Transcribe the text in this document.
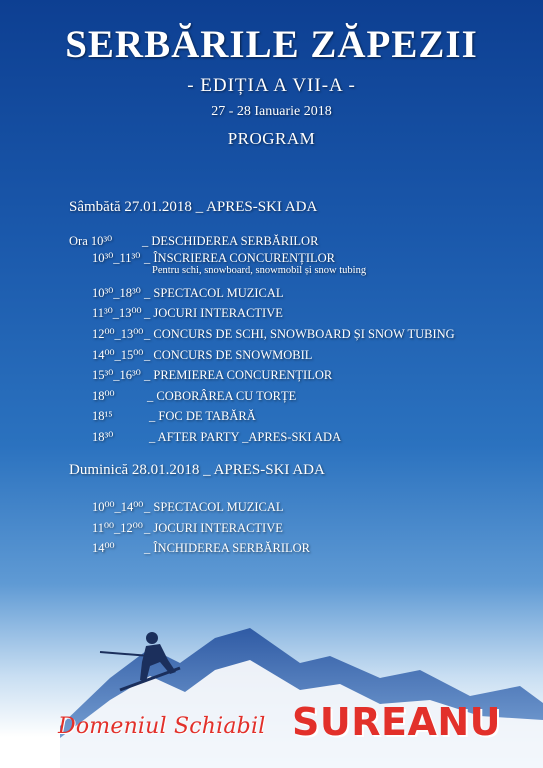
SERBĂRILE ZĂPEZII
- EDIȚIA A VII-A -
27 - 28 Ianuarie 2018
PROGRAM
Sâmbătă 27.01.2018 _ APRES-SKI ADA
Ora 10³⁰ _ DESCHIDEREA SERBĂRILOR
10³⁰_11³⁰ _ ÎNSCRIEREA CONCURENȚILOR
Pentru schi, snowboard, snowmobil și snow tubing
10³⁰_18³⁰ _ SPECTACOL MUZICAL
11³⁰_13⁰⁰ _ JOCURI INTERACTIVE
12⁰⁰_13⁰⁰ _ CONCURS DE SCHI, SNOWBOARD ȘI SNOW TUBING
14⁰⁰_15⁰⁰ _ CONCURS DE SNOWMOBIL
15³⁰_16³⁰ _ PREMIEREA CONCURENȚILOR
18⁰⁰	_ COBORÂREA CU TORȚE
18¹⁵	_ FOC DE TABĂRĂ
18³⁰	_ AFTER PARTY _APRES-SKI ADA
Duminică 28.01.2018 _ APRES-SKI ADA
10⁰⁰_14⁰⁰ _ SPECTACOL MUZICAL
11⁰⁰_12⁰⁰ _ JOCURI INTERACTIVE
14⁰⁰ _ ÎNCHIDEREA SERBĂRILOR
Domeniul Schiabil SUREANU
